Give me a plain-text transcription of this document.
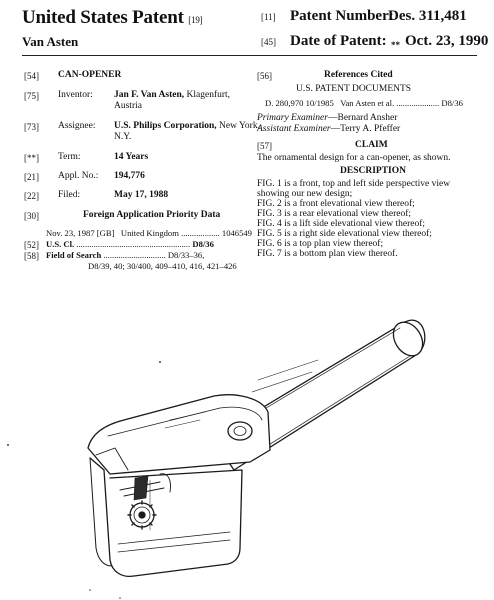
United States Patent [19]
Van Asten
[11] Patent Number:
Des. 311,481
[45] Date of Patent: ** Oct. 23, 1990
[54] CAN-OPENER
[75] Inventor: Jan F. Van Asten, Klagenfurt,
Austria
[73] Assignee: U.S. Philips Corporation, New York,
N.Y.
[**] Term:	14 Years
[21] Appl. No.: 194,776
[22] Filed:	May 17, 1988
[30]	Foreign Application Priority Data
Nov. 23, 1987 [GB] United Kingdom .................. 1046549
[52] U.S. Cl. ..................................................... D8/36
[58] Field of Search ............................. D8/33–36,
D8/39, 40; 30/400, 409–410, 416, 421–426
[56]	References Cited
U.S. PATENT DOCUMENTS
D. 280,970 10/1985 Van Asten et al. .................... D8/36
Primary Examiner—Bernard Ansher
Assistant Examiner—Terry A. Pfeffer
[57]	CLAIM
The ornamental design for a can-opener, as shown.
DESCRIPTION
FIG. 1 is a front, top and left side perspective view
showing our new design;
FIG. 2 is a front elevational view thereof;
FIG. 3 is a rear elevational view thereof;
FIG. 4 is a lift side elevational view thereof;
FIG. 5 is a right side elevational view thereof;
FIG. 6 is a top plan view thereof;
FIG. 7 is a bottom plan view thereof.
